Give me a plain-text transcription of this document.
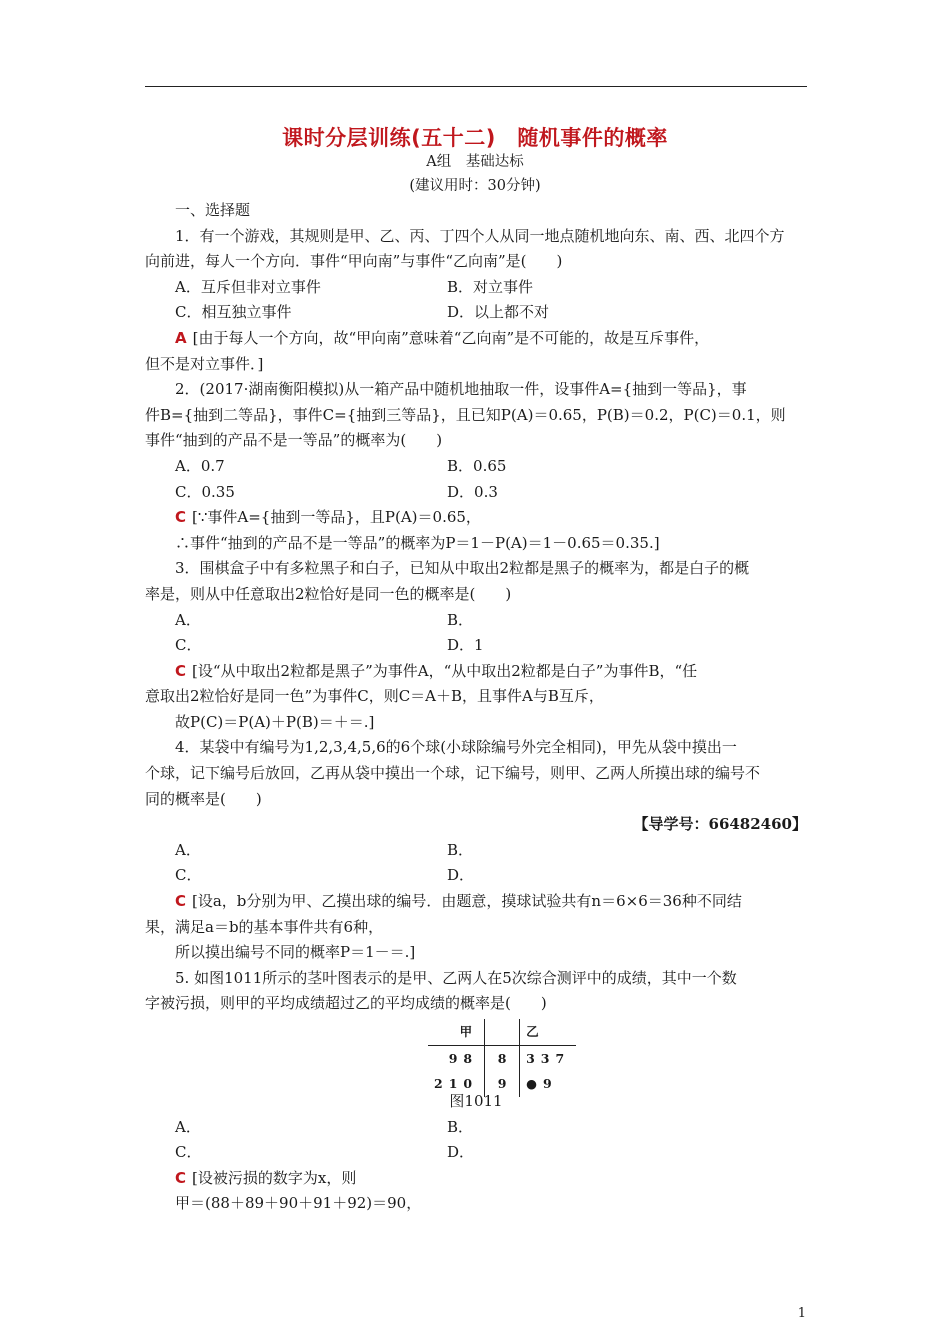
课时分层训练(五十二)　随机事件的概率
A组　基础达标
(建议用时：30分钟)
一、选择题
1．有一个游戏，其规则是甲、乙、丙、丁四个人从同一地点随机地向东、南、西、北四个方
向前进，每人一个方向．事件“甲向南”与事件“乙向南”是(　　)
A．互斥但非对立事件	B．对立事件
C．相互独立事件	D．以上都不对
A [由于每人一个方向，故“甲向南”意味着“乙向南”是不可能的，故是互斥事件，
但不是对立事件．]
2．(2017·湖南衡阳模拟)从一箱产品中随机地抽取一件，设事件A={抽到一等品}，事
件B={抽到二等品}，事件C={抽到三等品}，且已知P(A)＝0.65，P(B)＝0.2，P(C)＝0.1，则
事件“抽到的产品不是一等品”的概率为(　　)
A．0.7	B．0.65
C．0.35	D．0.3
C [∵事件A={抽到一等品}，且P(A)＝0.65，
∴事件“抽到的产品不是一等品”的概率为P＝1－P(A)＝1－0.65＝0.35.]
3．围棋盒子中有多粒黑子和白子，已知从中取出2粒都是黑子的概率为，都是白子的概
率是，则从中任意取出2粒恰好是同一色的概率是(　　)
A．	B．
C．	D．1
C [设“从中取出2粒都是黑子”为事件A，“从中取出2粒都是白子”为事件B，“任
意取出2粒恰好是同一色”为事件C，则C＝A＋B，且事件A与B互斥，
故P(C)＝P(A)＋P(B)＝＋＝.]
4．某袋中有编号为1,2,3,4,5,6的6个球(小球除编号外完全相同)，甲先从袋中摸出一
个球，记下编号后放回，乙再从袋中摸出一个球，记下编号，则甲、乙两人所摸出球的编号不
同的概率是(　　)
【导学号：66482460】
A．	B．
C．	D．
C [设a，b分别为甲、乙摸出球的编号．由题意，摸球试验共有n＝6×6＝36种不同结
果，满足a＝b的基本事件共有6种，
所以摸出编号不同的概率P＝1－＝.]
5. 如图1011所示的茎叶图表示的是甲、乙两人在5次综合测评中的成绩，其中一个数
字被污损，则甲的平均成绩超过乙的平均成绩的概率是(　　)
甲		乙
98	8	337
210	9	●9
图1011
A．	B．
C．	D．
C [设被污损的数字为x，则
甲＝(88＋89＋90＋91＋92)＝90，
1
